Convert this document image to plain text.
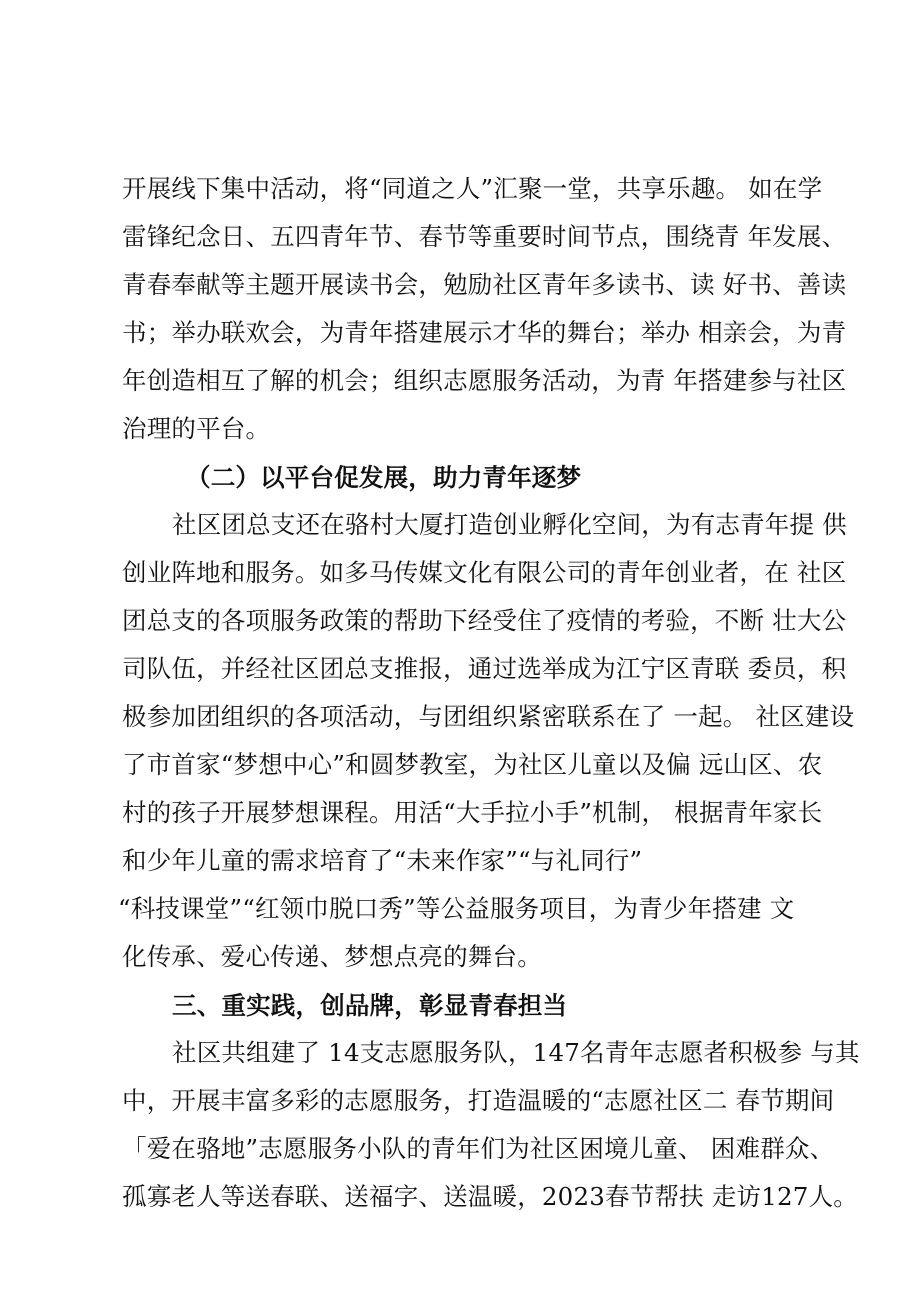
开展线下集中活动，将“同道之人”汇聚一堂，共享乐趣。 如在学
雷锋纪念日、五四青年节、春节等重要时间节点，围绕青 年发展、
青春奉献等主题开展读书会，勉励社区青年多读书、读 好书、善读
书；举办联欢会，为青年搭建展示才华的舞台；举办 相亲会，为青
年创造相互了解的机会；组织志愿服务活动，为青 年搭建参与社区
治理的平台。
（二）以平台促发展，助力青年逐梦
社区团总支还在骆村大厦打造创业孵化空间，为有志青年提 供
创业阵地和服务。如多马传媒文化有限公司的青年创业者，在 社区
团总支的各项服务政策的帮助下经受住了疫情的考验，不断 壮大公
司队伍，并经社区团总支推报，通过选举成为江宁区青联 委员，积
极参加团组织的各项活动，与团组织紧密联系在了 一起。 社区建设
了市首家“梦想中心”和圆梦教室，为社区儿童以及偏 远山区、农
村的孩子开展梦想课程。用活“大手拉小手”机制， 根据青年家长
和少年儿童的需求培育了“未来作家”“与礼同行”
“科技课堂”“红领巾脱口秀”等公益服务项目，为青少年搭建 文
化传承、爱心传递、梦想点亮的舞台。
三、重实践，创品牌，彰显青春担当
社区共组建了 14支志愿服务队，147名青年志愿者积极参 与其
中，开展丰富多彩的志愿服务，打造温暖的“志愿社区二 春节期间
「爱在骆地”志愿服务小队的青年们为社区困境儿童、 困难群众、
孤寡老人等送春联、送福字、送温暖，2023春节帮扶 走访127人。
